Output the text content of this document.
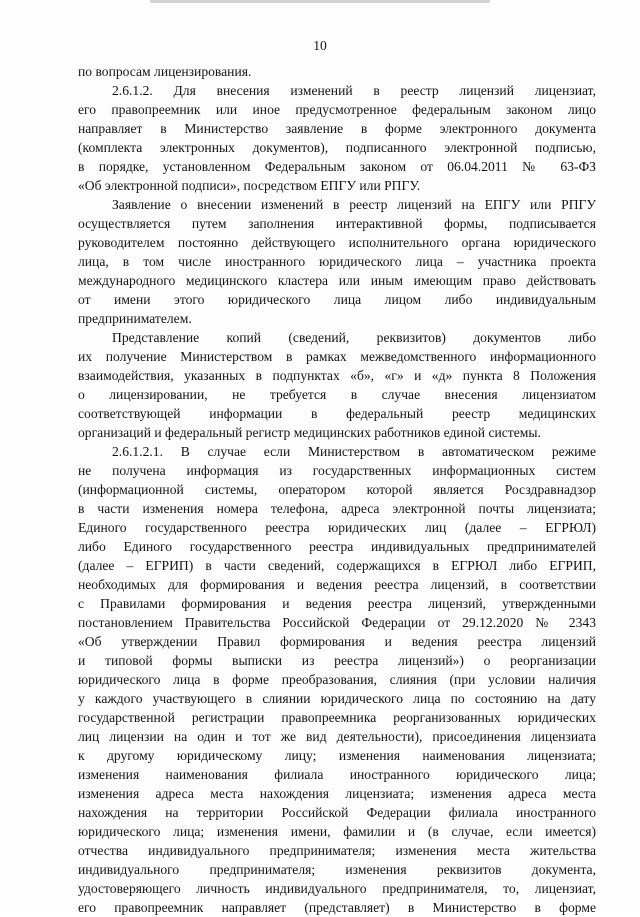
10
по вопросам лицензирования.
2.6.1.2. Для внесения изменений в реестр лицензий лицензиат,
его правопреемник или иное предусмотренное федеральным законом лицо
направляет в Министерство заявление в форме электронного документа
(комплекта электронных документов), подписанного электронной подписью,
в порядке, установленном Федеральным законом от 06.04.2011 № 63-ФЗ
«Об электронной подписи», посредством ЕПГУ или РПГУ.
Заявление о внесении изменений в реестр лицензий на ЕПГУ или РПГУ
осуществляется путем заполнения интерактивной формы, подписывается
руководителем постоянно действующего исполнительного органа юридического
лица, в том числе иностранного юридического лица – участника проекта
международного медицинского кластера или иным имеющим право действовать
от имени этого юридического лица лицом либо индивидуальным
предпринимателем.
Представление копий (сведений, реквизитов) документов либо
их получение Министерством в рамках межведомственного информационного
взаимодействия, указанных в подпунктах «б», «г» и «д» пункта 8 Положения
о лицензировании, не требуется в случае внесения лицензиатом
соответствующей информации в федеральный реестр медицинских
организаций и федеральный регистр медицинских работников единой системы.
2.6.1.2.1. В случае если Министерством в автоматическом режиме
не получена информация из государственных информационных систем
(информационной системы, оператором которой является Росздравнадзор
в части изменения номера телефона, адреса электронной почты лицензиата;
Единого государственного реестра юридических лиц (далее – ЕГРЮЛ)
либо Единого государственного реестра индивидуальных предпринимателей
(далее – ЕГРИП) в части сведений, содержащихся в ЕГРЮЛ либо ЕГРИП,
необходимых для формирования и ведения реестра лицензий, в соответствии
с Правилами формирования и ведения реестра лицензий, утвержденными
постановлением Правительства Российской Федерации от 29.12.2020 № 2343
«Об утверждении Правил формирования и ведения реестра лицензий
и типовой формы выписки из реестра лицензий») о реорганизации
юридического лица в форме преобразования, слияния (при условии наличия
у каждого участвующего в слиянии юридического лица по состоянию на дату
государственной регистрации правопреемника реорганизованных юридических
лиц лицензии на один и тот же вид деятельности), присоединения лицензиата
к другому юридическому лицу; изменения наименования лицензиата;
изменения наименования филиала иностранного юридического лица;
изменения адреса места нахождения лицензиата; изменения адреса места
нахождения на территории Российской Федерации филиала иностранного
юридического лица; изменения имени, фамилии и (в случае, если имеется)
отчества индивидуального предпринимателя; изменения места жительства
индивидуального предпринимателя; изменения реквизитов документа,
удостоверяющего личность индивидуального предпринимателя, то, лицензиат,
его правопреемник направляет (представляет) в Министерство в форме
